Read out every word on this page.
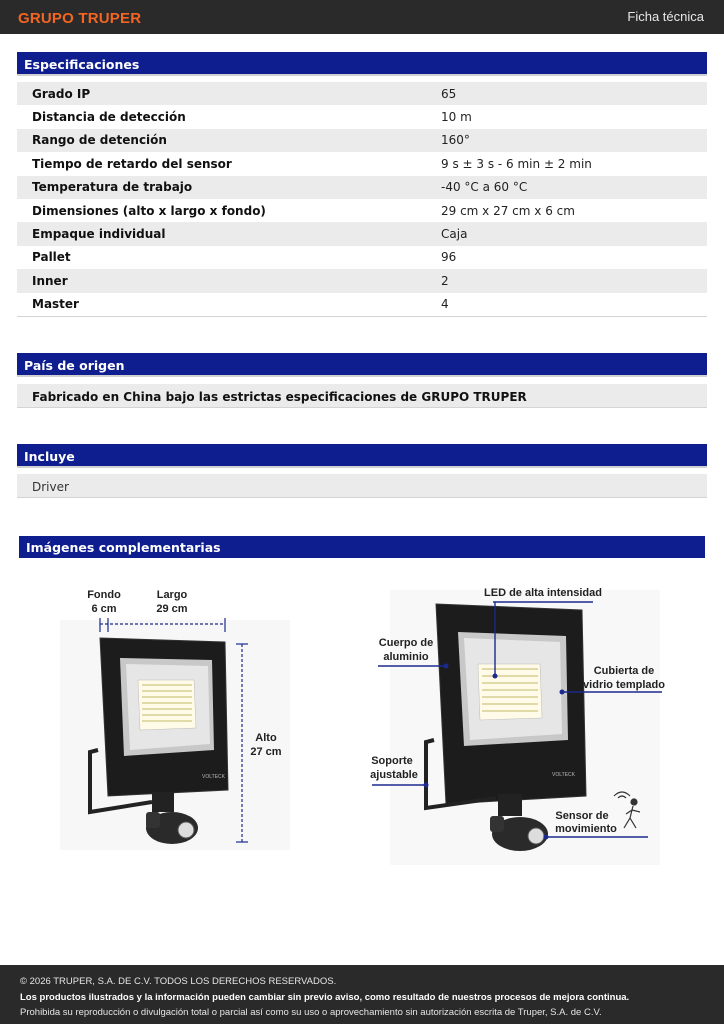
GRUPO TRUPER	Ficha técnica
Especificaciones
Grado IP	65
Distancia de detección	10 m
Rango de detención	160°
Tiempo de retardo del sensor	9 s ± 3 s - 6 min ± 2 min
Temperatura de trabajo	-40 °C a 60 °C
Dimensiones (alto x largo x fondo)	29 cm x 27 cm x 6 cm
Empaque individual	Caja
Pallet	96
Inner	2
Master	4
País de origen
Fabricado en China bajo las estrictas especificaciones de GRUPO TRUPER
Incluye
Driver
Imágenes complementarias
Fondo
6 cm
Largo
29 cm
Alto
27 cm
VOLTECK	VOLTECK
LED de alta intensidad
Cuerpo de
aluminio
Cubierta de
vidrio templado
Soporte
ajustable
Sensor de
movimiento
© 2026 TRUPER, S.A. DE C.V. TODOS LOS DERECHOS RESERVADOS.
Los productos ilustrados y la información pueden cambiar sin previo aviso, como resultado de nuestros procesos de mejora continua.
Prohibida su reproducción o divulgación total o parcial así como su uso o aprovechamiento sin autorización escrita de Truper, S.A. de C.V.
